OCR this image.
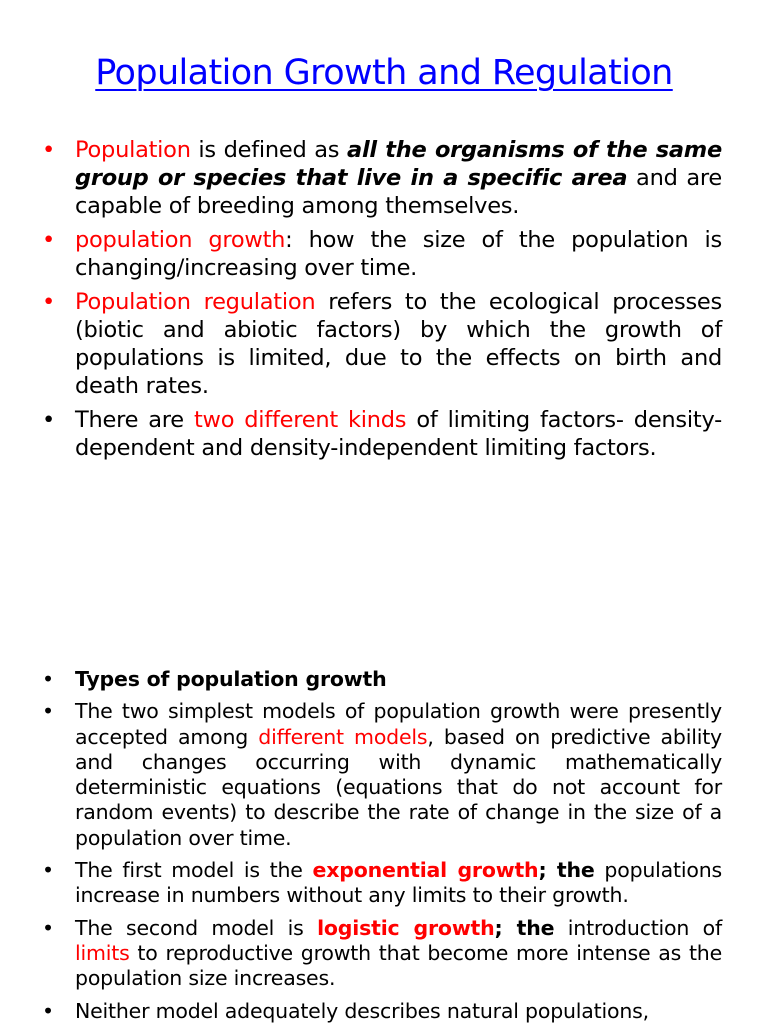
Population Growth and Regulation
• Population is defined as all the organisms of the same group or species that live in a specific area and are capable of breeding among themselves.
• population growth: how the size of the population is changing/increasing over time.
• Population regulation refers to the ecological processes (biotic and abiotic factors) by which the growth of populations is limited, due to the effects on birth and death rates.
• There are two different kinds of limiting factors- density-dependent and density-independent limiting factors.
• Types of population growth
• The two simplest models of population growth were presently accepted among different models, based on predictive ability and changes occurring with dynamic mathematically deterministic equations (equations that do not account for random events) to describe the rate of change in the size of a population over time.
• The first model is the exponential growth; the populations increase in numbers without any limits to their growth.
• The second model is logistic growth; the introduction of limits to reproductive growth that become more intense as the population size increases.
• Neither model adequately describes natural populations,
